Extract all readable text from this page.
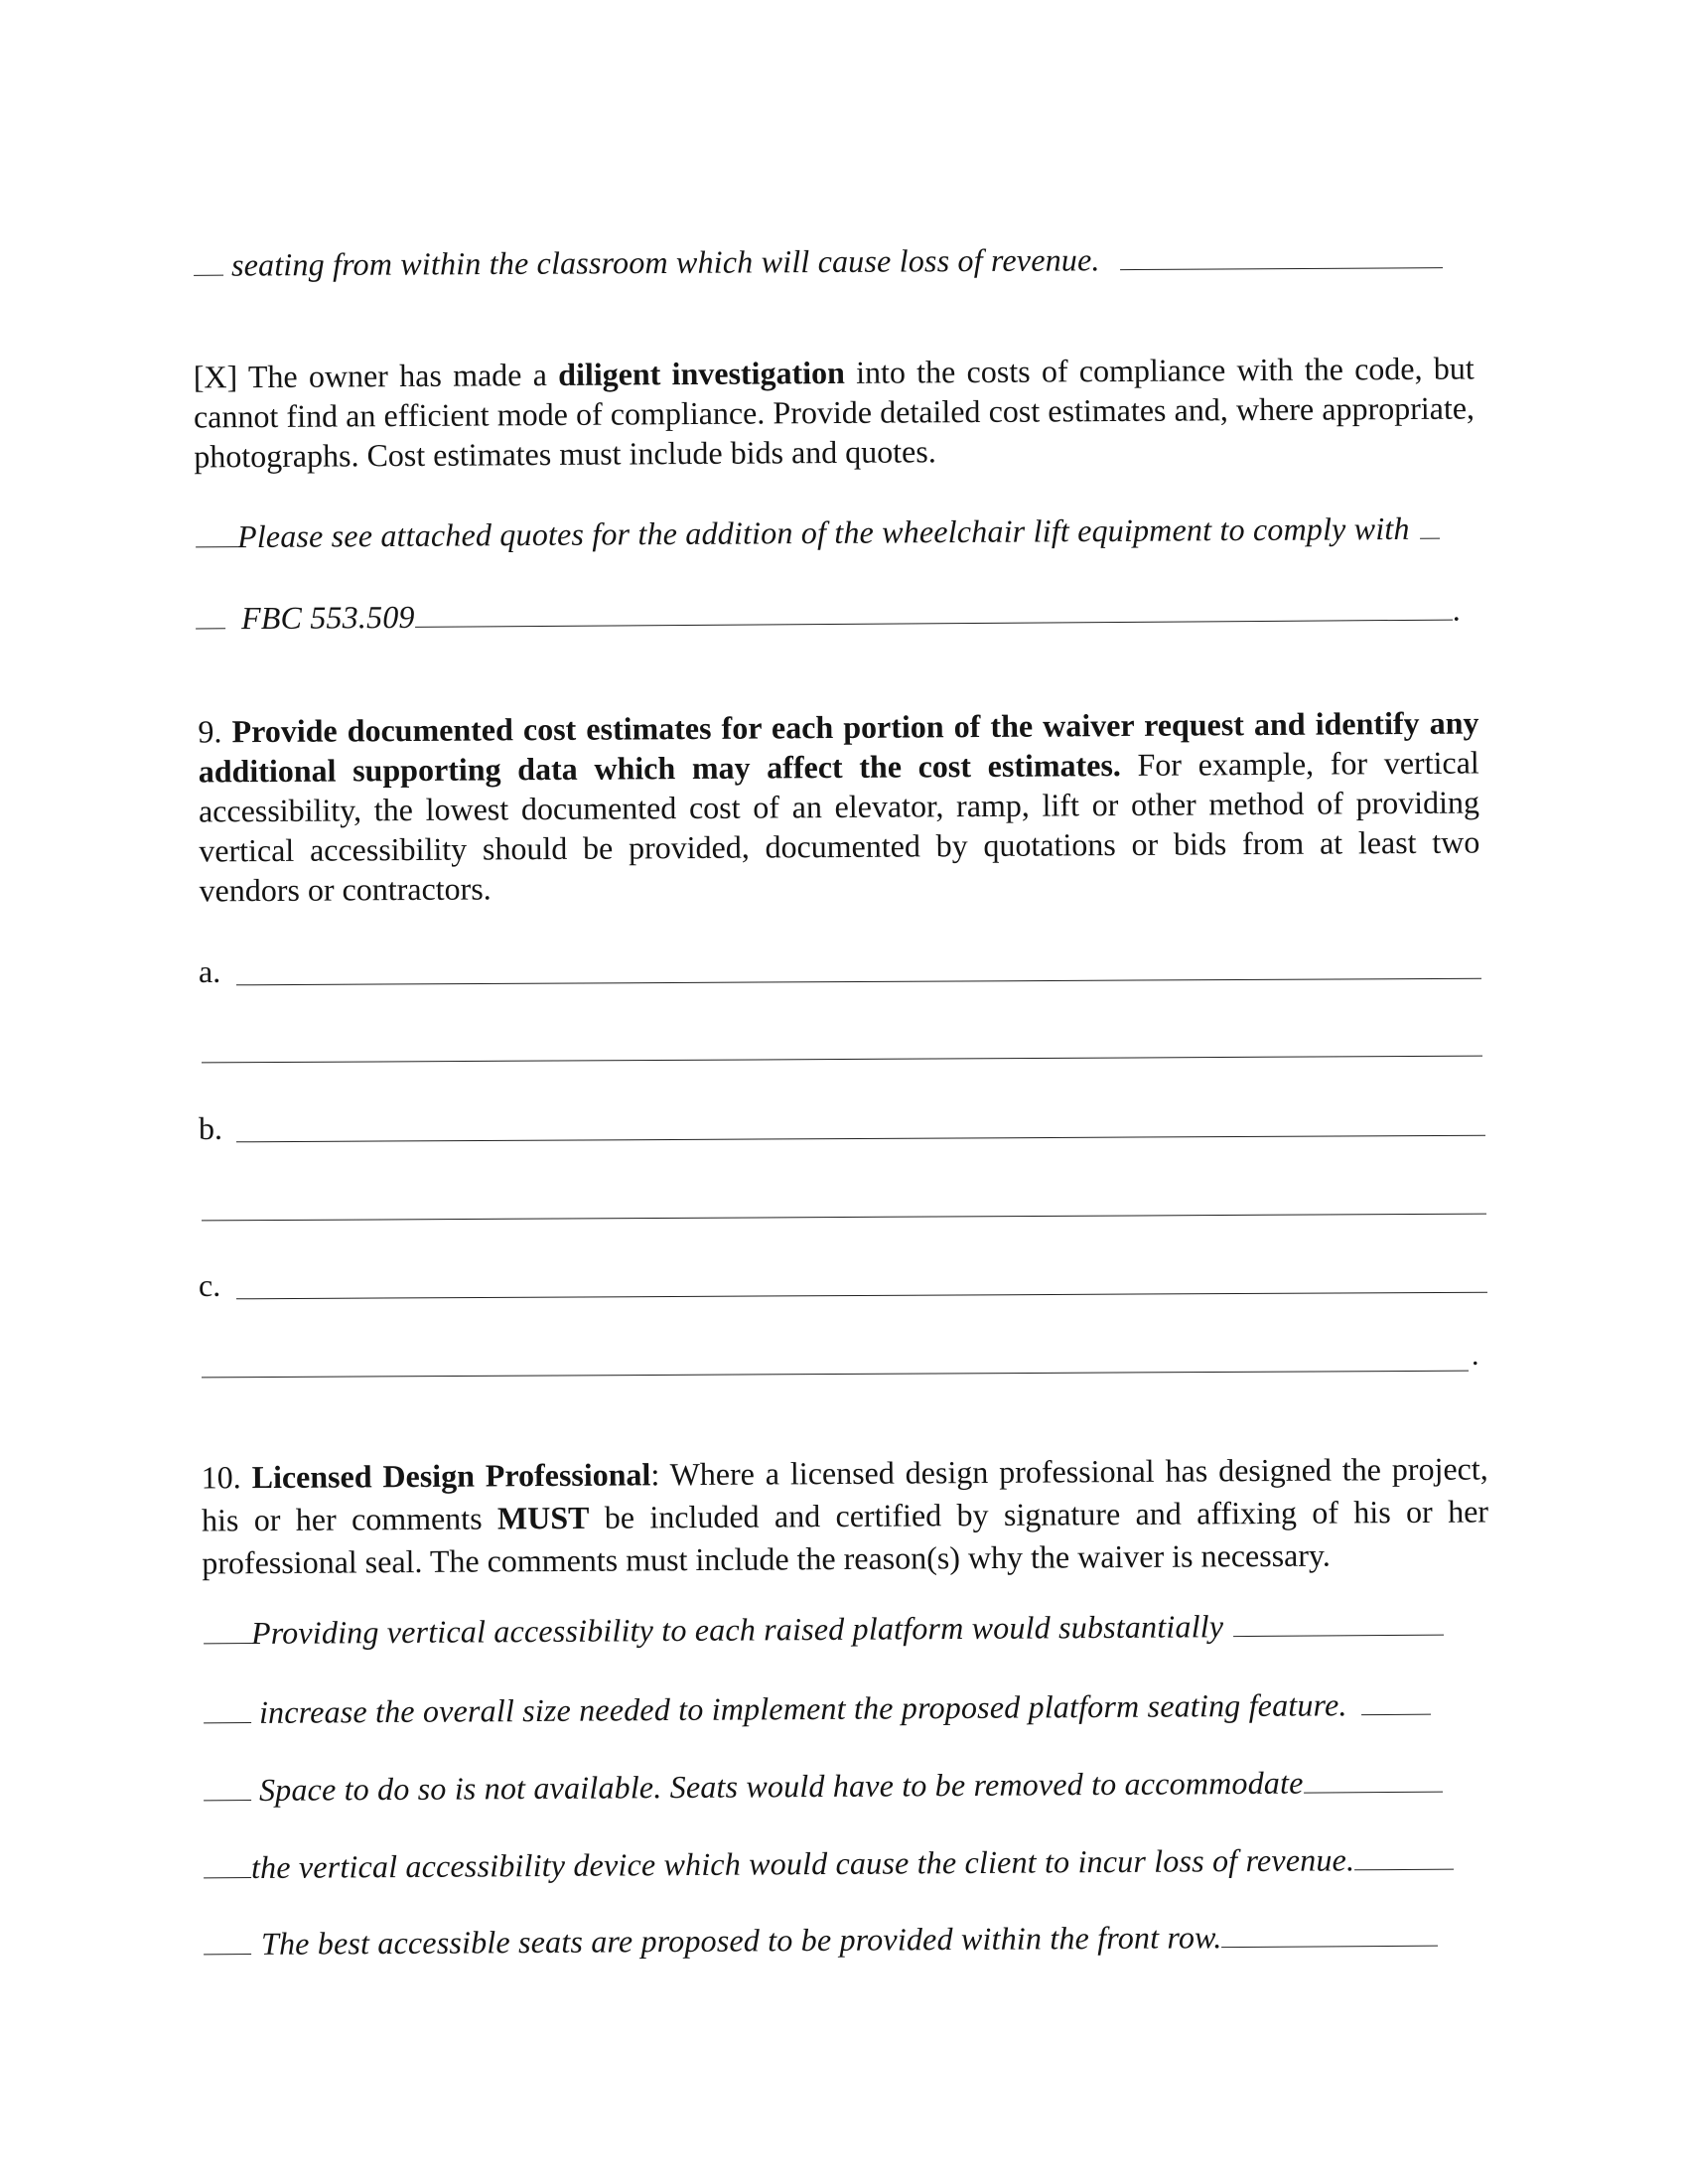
seating from within the classroom which will cause loss of revenue.
[X] The owner has made a diligent investigation into the costs of compliance with the code, but cannot find an efficient mode of compliance. Provide detailed cost estimates and, where appropriate, photographs. Cost estimates must include bids and quotes.
Please see attached quotes for the addition of the wheelchair lift equipment to comply with
FBC 553.509	.
9. Provide documented cost estimates for each portion of the waiver request and identify any additional supporting data which may affect the cost estimates. For example, for vertical accessibility, the lowest documented cost of an elevator, ramp, lift or other method of providing vertical accessibility should be provided, documented by quotations or bids from at least two vendors or contractors.
a.
b.
c.
.
10. Licensed Design Professional: Where a licensed design professional has designed the project, his or her comments MUST be included and certified by signature and affixing of his or her professional seal. The comments must include the reason(s) why the waiver is necessary.
Providing vertical accessibility to each raised platform would substantially
increase the overall size needed to implement the proposed platform seating feature.
Space to do so is not available. Seats would have to be removed to accommodate
the vertical accessibility device which would cause the client to incur loss of revenue.
The best accessible seats are proposed to be provided within the front row.
